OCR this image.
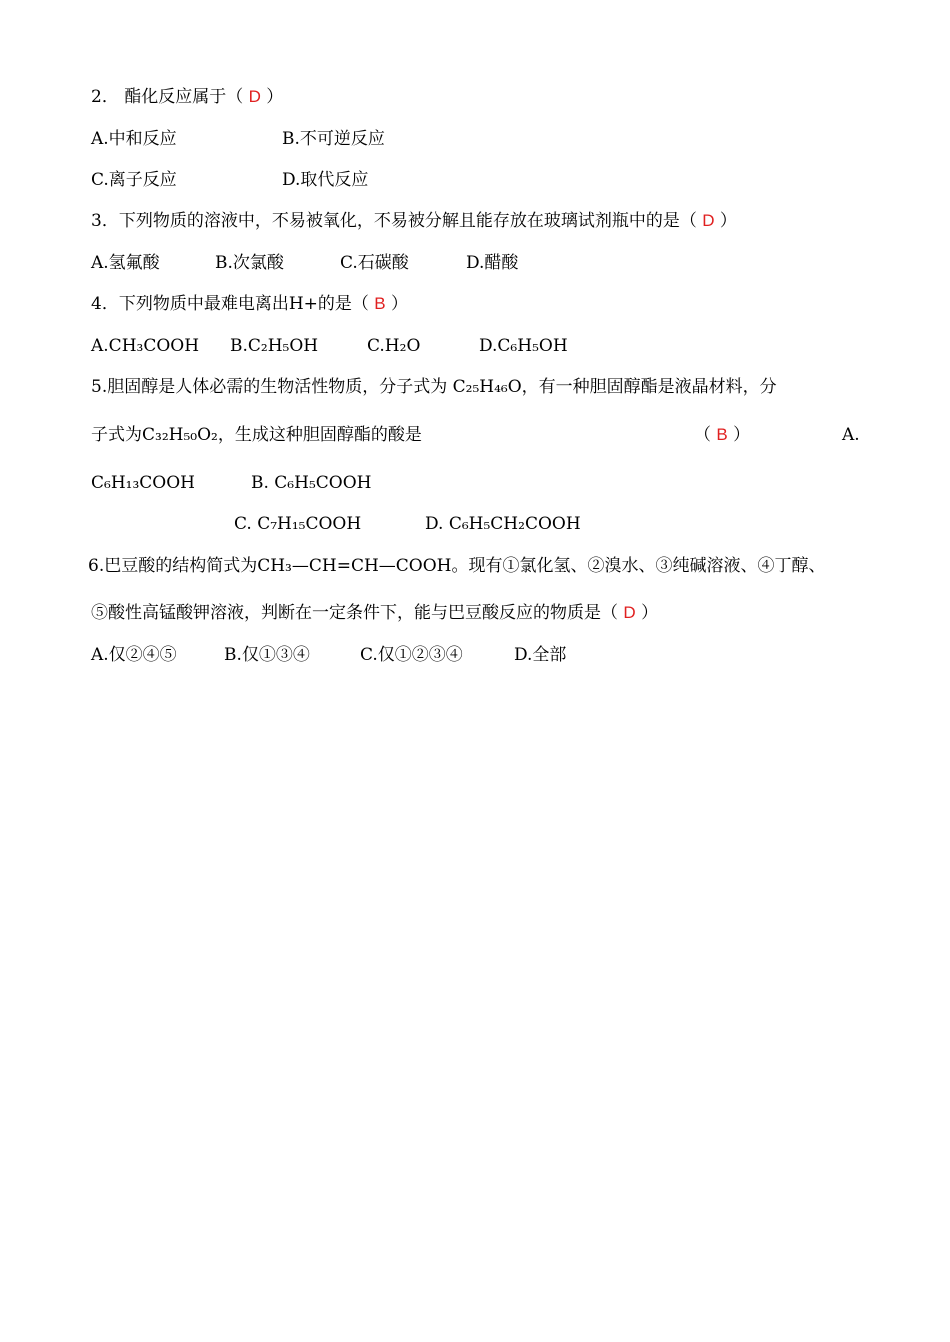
2． 酯化反应属于（ D ）
A.中和反应	B.不可逆反应
C.离子反应	D.取代反应
3．下列物质的溶液中，不易被氧化，不易被分解且能存放在玻璃试剂瓶中的是（ D ）
A.氢氟酸	B.次氯酸	C.石碳酸	D.醋酸
4．下列物质中最难电离出H+的是（ B ）
A.CH₃COOH B.C₂H₅OH	C.H₂O	D.C₆H₅OH
5.胆固醇是人体必需的生物活性物质，分子式为 C₂₅H₄₆O，有一种胆固醇酯是液晶材料，分
子式为C₃₂H₅₀O₂，生成这种胆固醇酯的酸是	（ B ）	A.
C₆H₁₃COOH	B. C₆H₅COOH
C. C₇H₁₅COOH	D. C₆H₅CH₂COOH
6.巴豆酸的结构简式为CH₃—CH=CH—COOH。现有①氯化氢、②溴水、③纯碱溶液、④丁醇、
⑤酸性高锰酸钾溶液，判断在一定条件下，能与巴豆酸反应的物质是（ D ）
A.仅②④⑤	B.仅①③④	C.仅①②③④	D.全部
